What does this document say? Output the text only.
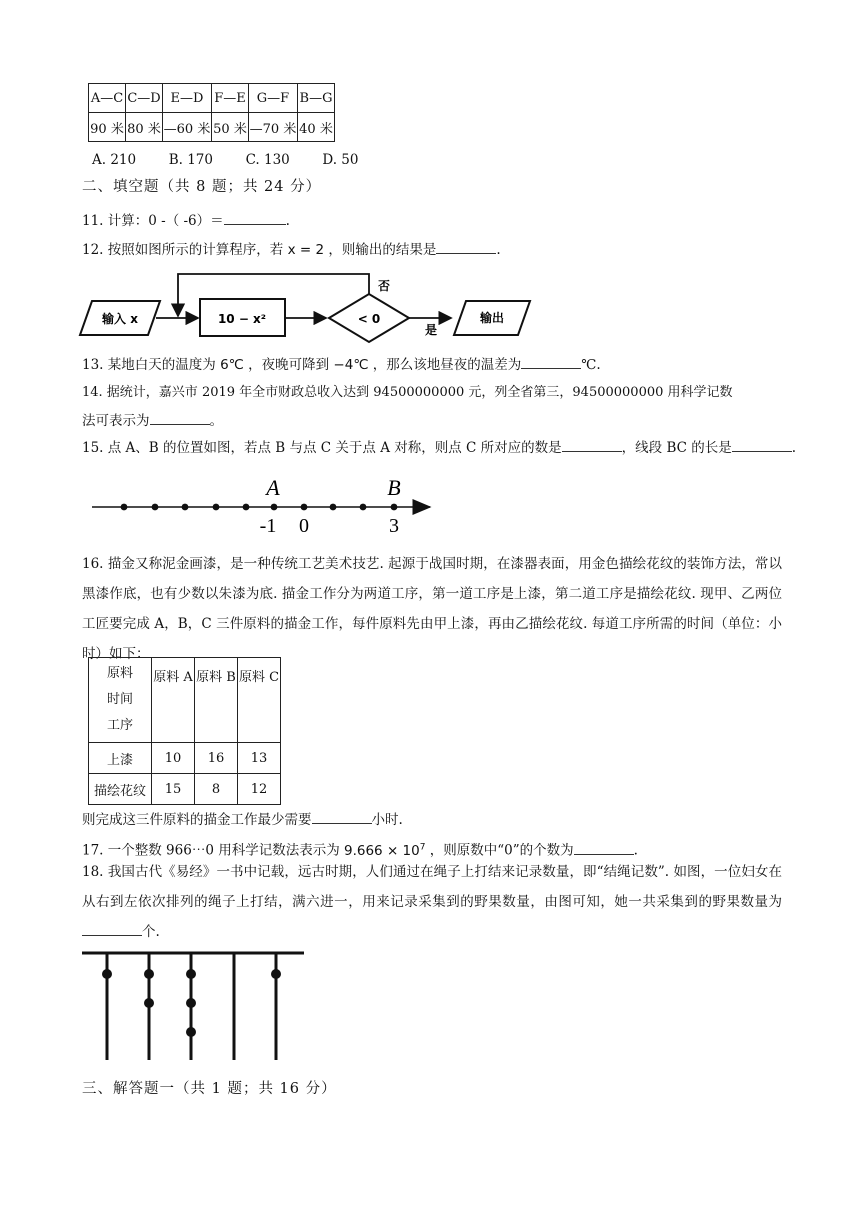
A—C	C—D	E—D	F—E	G—F	B—G
90 米	80 米	—60 米	50 米	—70 米	40 米
A. 210 B. 170 C. 130 D. 50
二、填空题（共 8 题；共 24 分）
11. 计算：0 -（ -6）＝	.
12. 按照如图所示的计算程序，若 x = 2 ，则输出的结果是	.
输入 x	10 − x²	< 0
否
是
输出
13. 某地白天的温度为 6℃ ，夜晚可降到 −4℃ ，那么该地昼夜的温差为	℃.
14. 据统计，嘉兴市 2019 年全市财政总收入达到 94500000000 元，列全省第三，94500000000 用科学记数
法可表示为	。
15. 点 A、B 的位置如图，若点 B 与点 C 关于点 A 对称，则点 C 所对应的数是	，线段 BC 的长是	.
A	B
-1 0	3
16. 描金又称泥金画漆，是一种传统工艺美术技艺. 起源于战国时期，在漆器表面，用金色描绘花纹的装饰方法，常以黑漆作底，也有少数以朱漆为底. 描金工作分为两道工序，第一道工序是上漆，第二道工序是描绘花纹. 现甲、乙两位工匠要完成 A，B，C 三件原料的描金工作，每件原料先由甲上漆，再由乙描绘花纹. 每道工序所需的时间（单位：小时）如下：
原料
时间
工序	原料 A	原料 B	原料 C
上漆	10	16	13
描绘花纹	15	8	12
则完成这三件原料的描金工作最少需要	小时.
17. 一个整数 966⋯0 用科学记数法表示为 $9.666 \times 10^7$ ，则原数中“0”的个数为	.
18. 我国古代《易经》一书中记载，远古时期，人们通过在绳子上打结来记录数量，即“结绳记数”. 如图，一位妇女在从右到左依次排列的绳子上打结，满六进一，用来记录采集到的野果数量，由图可知，她一共采集到的野果数量为个.
三、解答题一（共 1 题；共 16 分）
